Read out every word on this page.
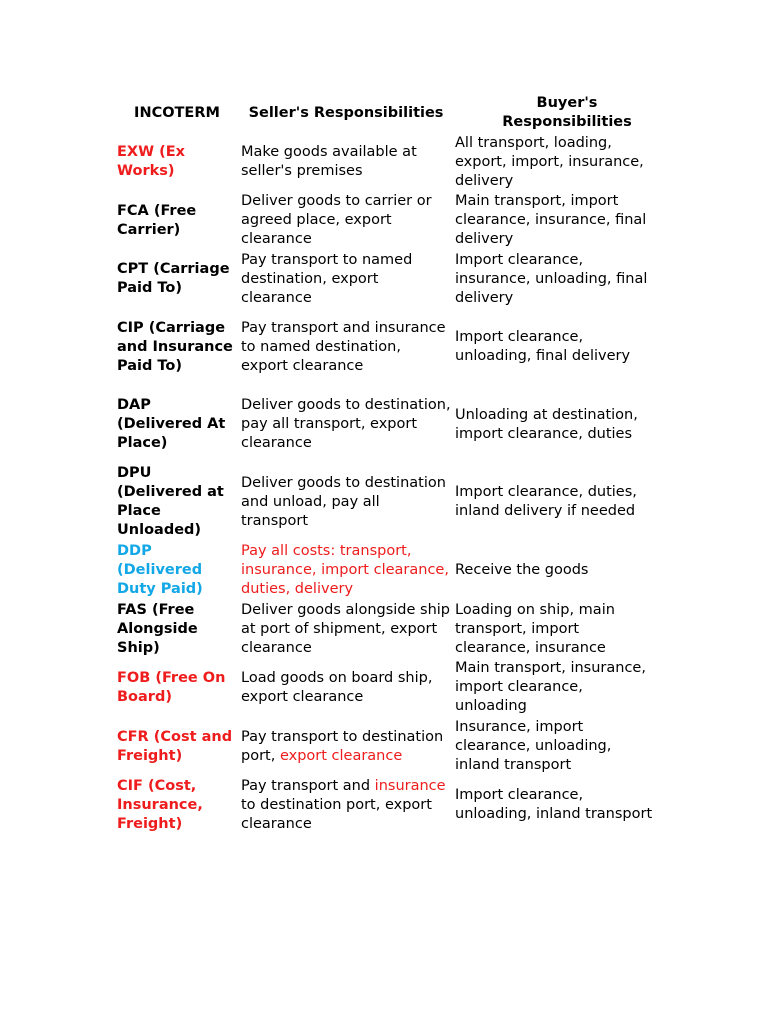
INCOTERM	Seller's Responsibilities	Buyer's Responsibilities
EXW (Ex Works)	Make goods available at seller's premises	All transport, loading, export, import, insurance, delivery
FCA (Free Carrier)	Deliver goods to carrier or agreed place, export clearance	Main transport, import clearance, insurance, final delivery
CPT (Carriage Paid To)	Pay transport to named destination, export clearance	Import clearance, insurance, unloading, final delivery
CIP (Carriage and Insurance Paid To)	Pay transport and insurance to named destination, export clearance	Import clearance, unloading, final delivery
DAP (Delivered At Place)	Deliver goods to destination, pay all transport, export clearance	Unloading at destination, import clearance, duties
DPU (Delivered at Place Unloaded)	Deliver goods to destination and unload, pay all transport	Import clearance, duties, inland delivery if needed
DDP (Delivered Duty Paid)	Pay all costs: transport, insurance, import clearance, duties, delivery	Receive the goods
FAS (Free Alongside Ship)	Deliver goods alongside ship at port of shipment, export clearance	Loading on ship, main transport, import clearance, insurance
FOB (Free On Board)	Load goods on board ship, export clearance	Main transport, insurance, import clearance, unloading
CFR (Cost and Freight)	Pay transport to destination port, export clearance	Insurance, import clearance, unloading, inland transport
CIF (Cost, Insurance, Freight)	Pay transport and insurance to destination port, export clearance	Import clearance, unloading, inland transport
